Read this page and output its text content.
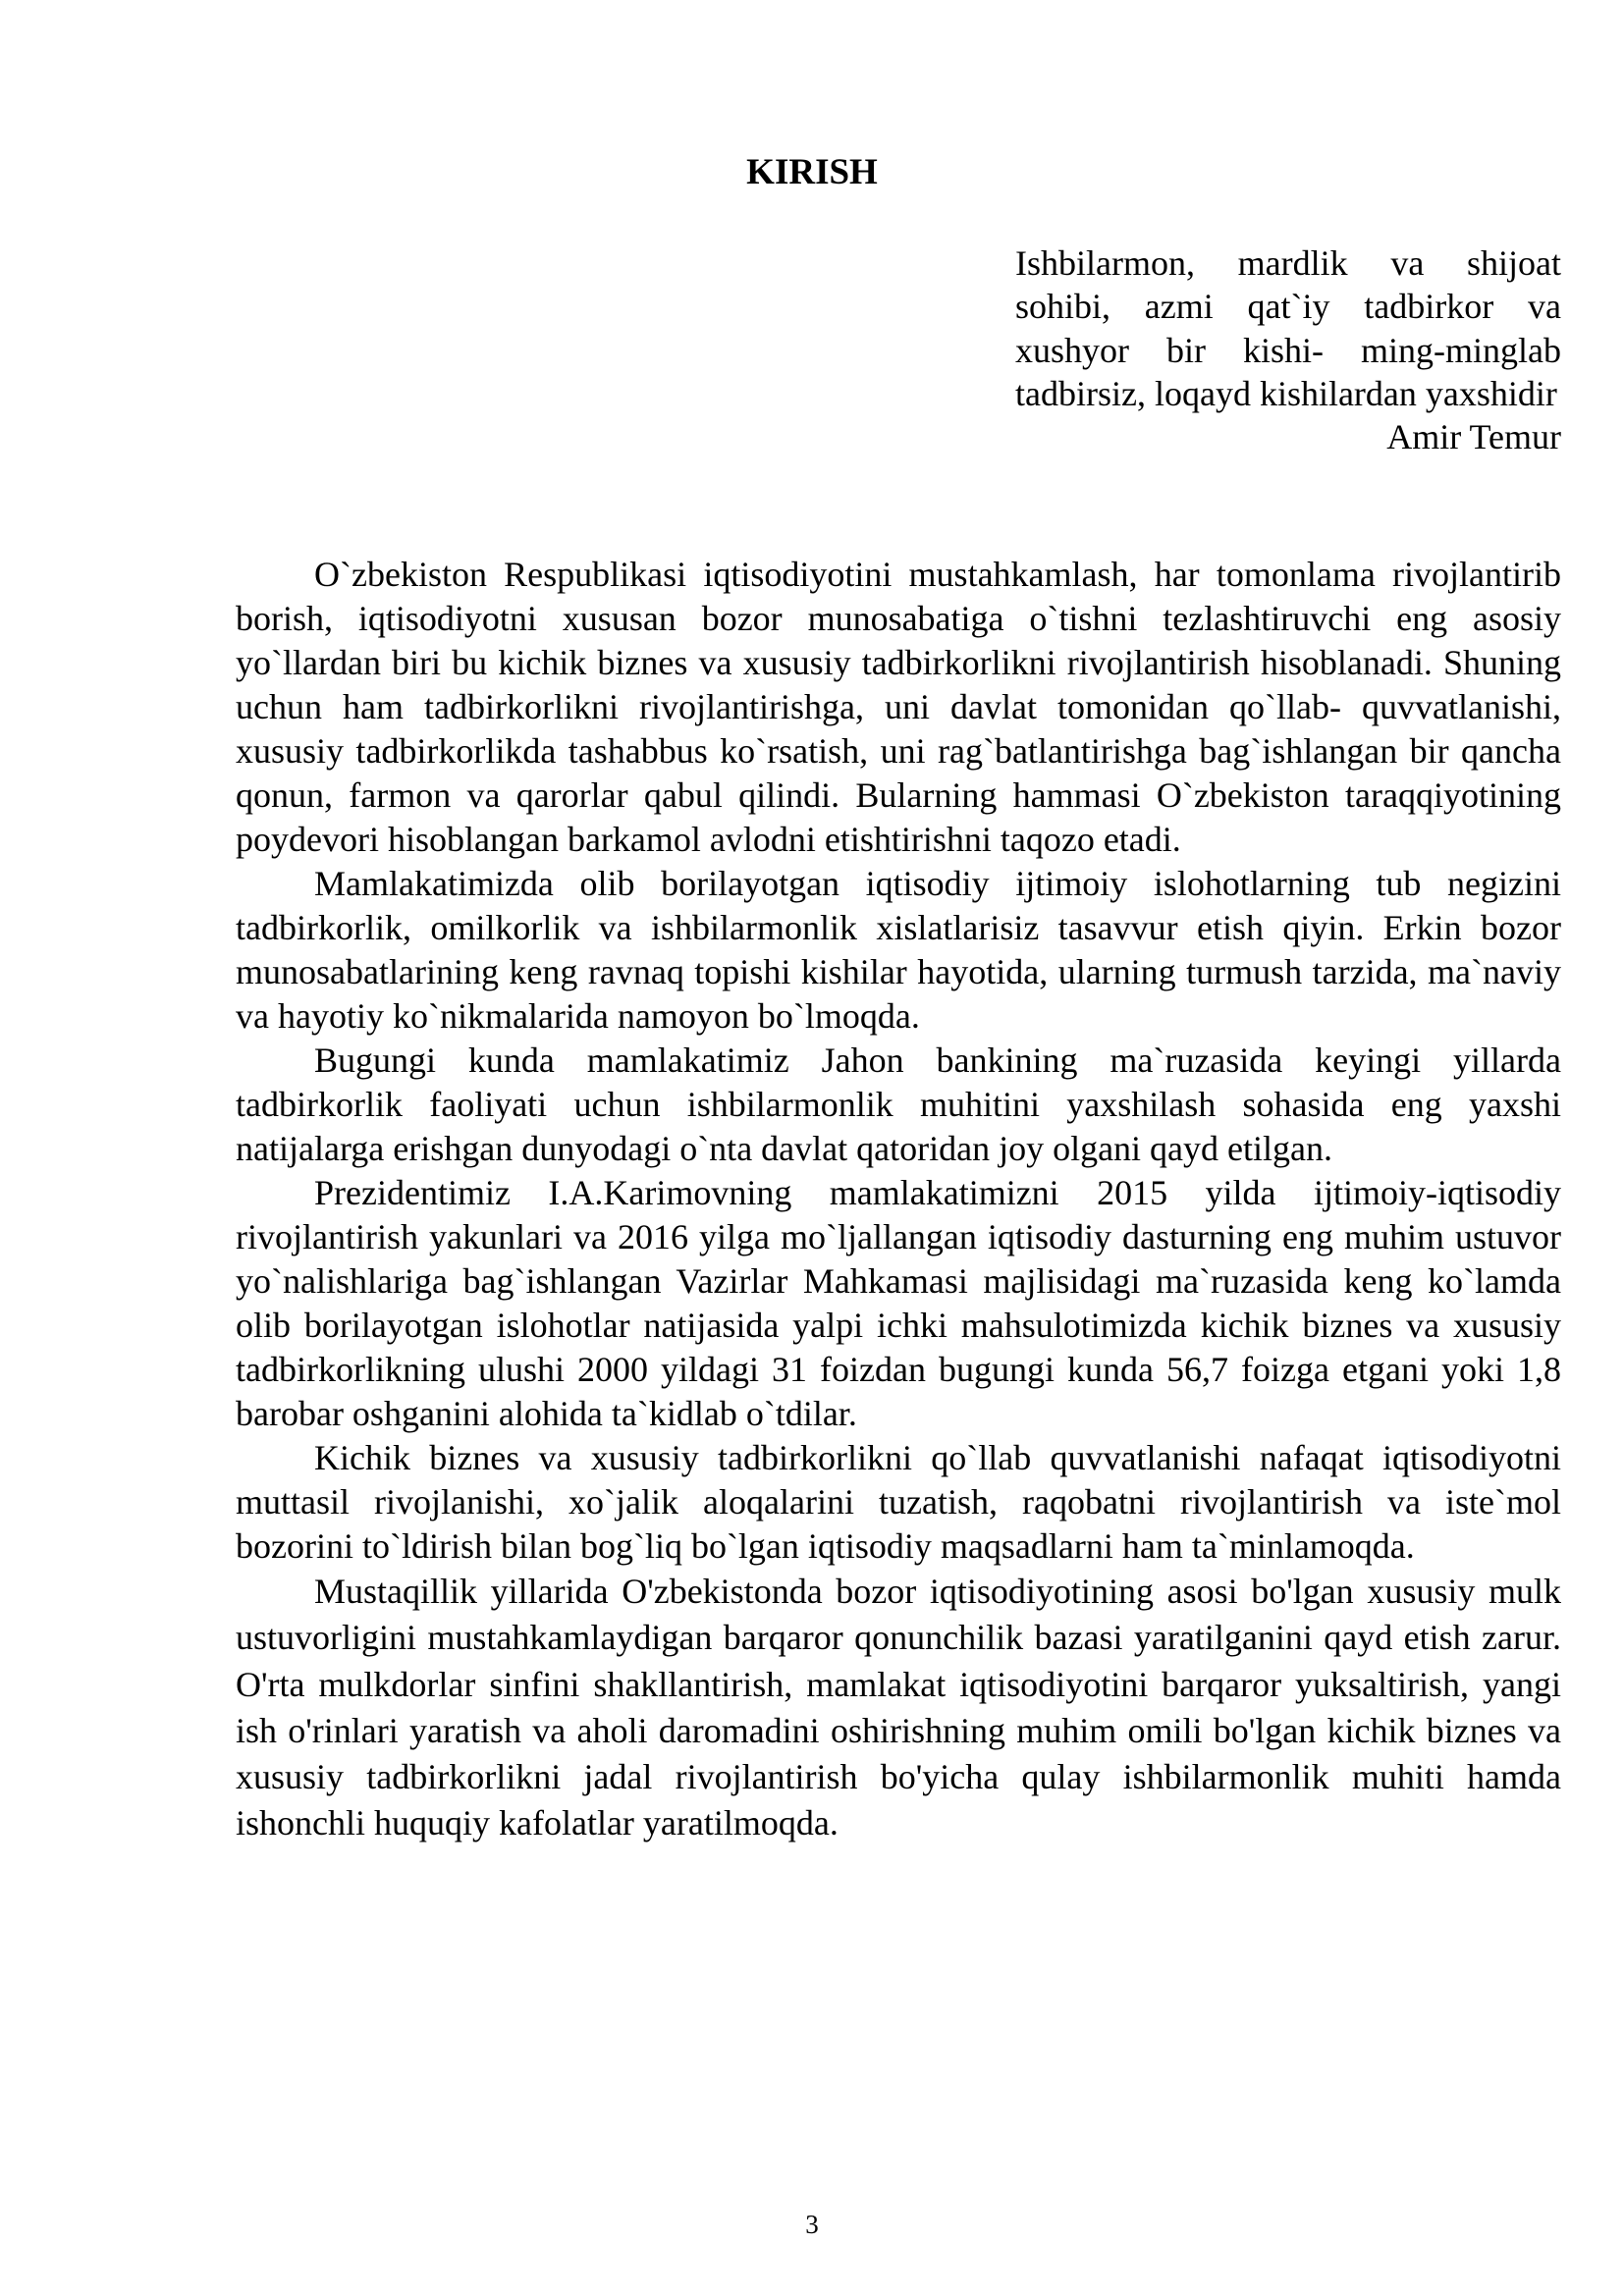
KIRISH

Ishbilarmon, mardlik va shijoat sohibi, azmi qat`iy tadbirkor va xushyor bir kishi- ming-minglab tadbirsiz, loqayd kishilardan yaxshidir

Amir Temur

O`zbekiston Respublikasi iqtisodiyotini mustahkamlash, har tomonlama rivojlantirib borish, iqtisodiyotni xususan bozor munosabatiga o`tishni tezlashtiruvchi eng asosiy yo`llardan biri bu kichik biznes va xususiy tadbirkorlikni rivojlantirish hisoblanadi. Shuning uchun ham tadbirkorlikni rivojlantirishga, uni davlat tomonidan qo`llab- quvvatlanishi, xususiy tadbirkorlikda tashabbus ko`rsatish, uni rag`batlantirishga bag`ishlangan bir qancha qonun, farmon va qarorlar qabul qilindi. Bularning hammasi O`zbekiston taraqqiyotining poydevori hisoblangan barkamol avlodni etishtirishni taqozo etadi.

Mamlakatimizda olib borilayotgan iqtisodiy ijtimoiy islohotlarning tub negizini tadbirkorlik, omilkorlik va ishbilarmonlik xislatlarisiz tasavvur etish qiyin. Erkin bozor munosabatlarining keng ravnaq topishi kishilar hayotida, ularning turmush tarzida, ma`naviy va hayotiy ko`nikmalarida namoyon bo`lmoqda.

Bugungi kunda mamlakatimiz Jahon bankining ma`ruzasida keyingi yillarda tadbirkorlik faoliyati uchun ishbilarmonlik muhitini yaxshilash sohasida eng yaxshi natijalarga erishgan dunyodagi o`nta davlat qatoridan joy olgani qayd etilgan.

Prezidentimiz I.A.Karimovning mamlakatimizni 2015 yilda ijtimoiy-iqtisodiy rivojlantirish yakunlari va 2016 yilga mo`ljallangan iqtisodiy dasturning eng muhim ustuvor yo`nalishlariga bag`ishlangan Vazirlar Mahkamasi majlisidagi ma`ruzasida keng ko`lamda olib borilayotgan islohotlar natijasida yalpi ichki mahsulotimizda kichik biznes va xususiy tadbirkorlikning ulushi 2000 yildagi 31 foizdan bugungi kunda 56,7 foizga etgani yoki 1,8 barobar oshganini alohida ta`kidlab o`tdilar.

Kichik biznes va xususiy tadbirkorlikni qo`llab quvvatlanishi nafaqat iqtisodiyotni muttasil rivojlanishi, xo`jalik aloqalarini tuzatish, raqobatni rivojlantirish va iste`mol bozorini to`ldirish bilan bog`liq bo`lgan iqtisodiy maqsadlarni ham ta`minlamoqda.

Mustaqillik yillarida O'zbekistonda bozor iqtisodiyotining asosi bo'lgan xususiy mulk ustuvorligini mustahkamlaydigan barqaror qonunchilik bazasi yaratilganini qayd etish zarur. O'rta mulkdorlar sinfini shakllantirish, mamlakat iqtisodiyotini barqaror yuksaltirish, yangi ish o'rinlari yaratish va aholi daromadini oshirishning muhim omili bo'lgan kichik biznes va xususiy tadbirkorlikni jadal rivojlantirish bo'yicha qulay ishbilarmonlik muhiti hamda ishonchli huquqiy kafolatlar yaratilmoqda.

3
